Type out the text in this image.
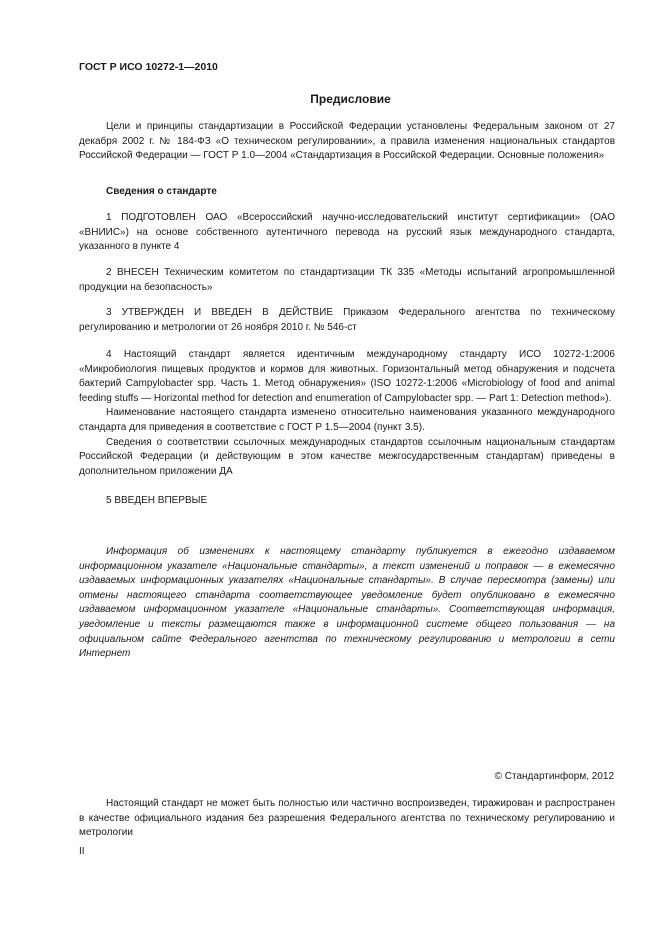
ГОСТ Р ИСО 10272-1—2010
Предисловие

Цели и принципы стандартизации в Российской Федерации установлены Федеральным законом от 27 декабря 2002 г. № 184-ФЗ «О техническом регулировании», а правила изменения национальных стандартов Российской Федерации — ГОСТ Р 1.0—2004 «Стандартизация в Российской Федерации. Основные положения»

Сведения о стандарте

1 ПОДГОТОВЛЕН ОАО «Всероссийский научно-исследовательский институт сертификации» (ОАО «ВНИИС») на основе собственного аутентичного перевода на русский язык международного стандарта, указанного в пункте 4

2 ВНЕСЕН Техническим комитетом по стандартизации ТК 335 «Методы испытаний агропромышленной продукции на безопасность»

3 УТВЕРЖДЕН И ВВЕДЕН В ДЕЙСТВИЕ Приказом Федерального агентства по техническому регулированию и метрологии от 26 ноября 2010 г. № 546-ст

4 Настоящий стандарт является идентичным международному стандарту ИСО 10272-1:2006 «Микробиология пищевых продуктов и кормов для животных. Горизонтальный метод обнаружения и подсчета бактерий Campylobacter spp. Часть 1. Метод обнаружения» (ISO 10272-1:2006 «Microbiology of food and animal feeding stuffs — Horizontal method for detection and enumeration of Campylobacter spp. — Part 1: Detection method»).

Наименование настоящего стандарта изменено относительно наименования указанного международного стандарта для приведения в соответствие с ГОСТ Р 1.5—2004 (пункт 3.5).

Сведения о соответствии ссылочных международных стандартов ссылочным национальным стандартам Российской Федерации (и действующим в этом качестве межгосударственным стандартам) приведены в дополнительном приложении ДА

5 ВВЕДЕН ВПЕРВЫЕ

Информация об изменениях к настоящему стандарту публикуется в ежегодно издаваемом информационном указателе «Национальные стандарты», а текст изменений и поправок — в ежемесячно издаваемых информационных указателях «Национальные стандарты». В случае пересмотра (замены) или отмены настоящего стандарта соответствующее уведомление будет опубликовано в ежемесячно издаваемом информационном указателе «Национальные стандарты». Соответствующая информация, уведомление и тексты размещаются также в информационной системе общего пользования — на официальном сайте Федерального агентства по техническому регулированию и метрологии в сети Интернет

© Стандартинформ, 2012

Настоящий стандарт не может быть полностью или частично воспроизведен, тиражирован и распространен в качестве официального издания без разрешения Федерального агентства по техническому регулированию и метрологии

II
